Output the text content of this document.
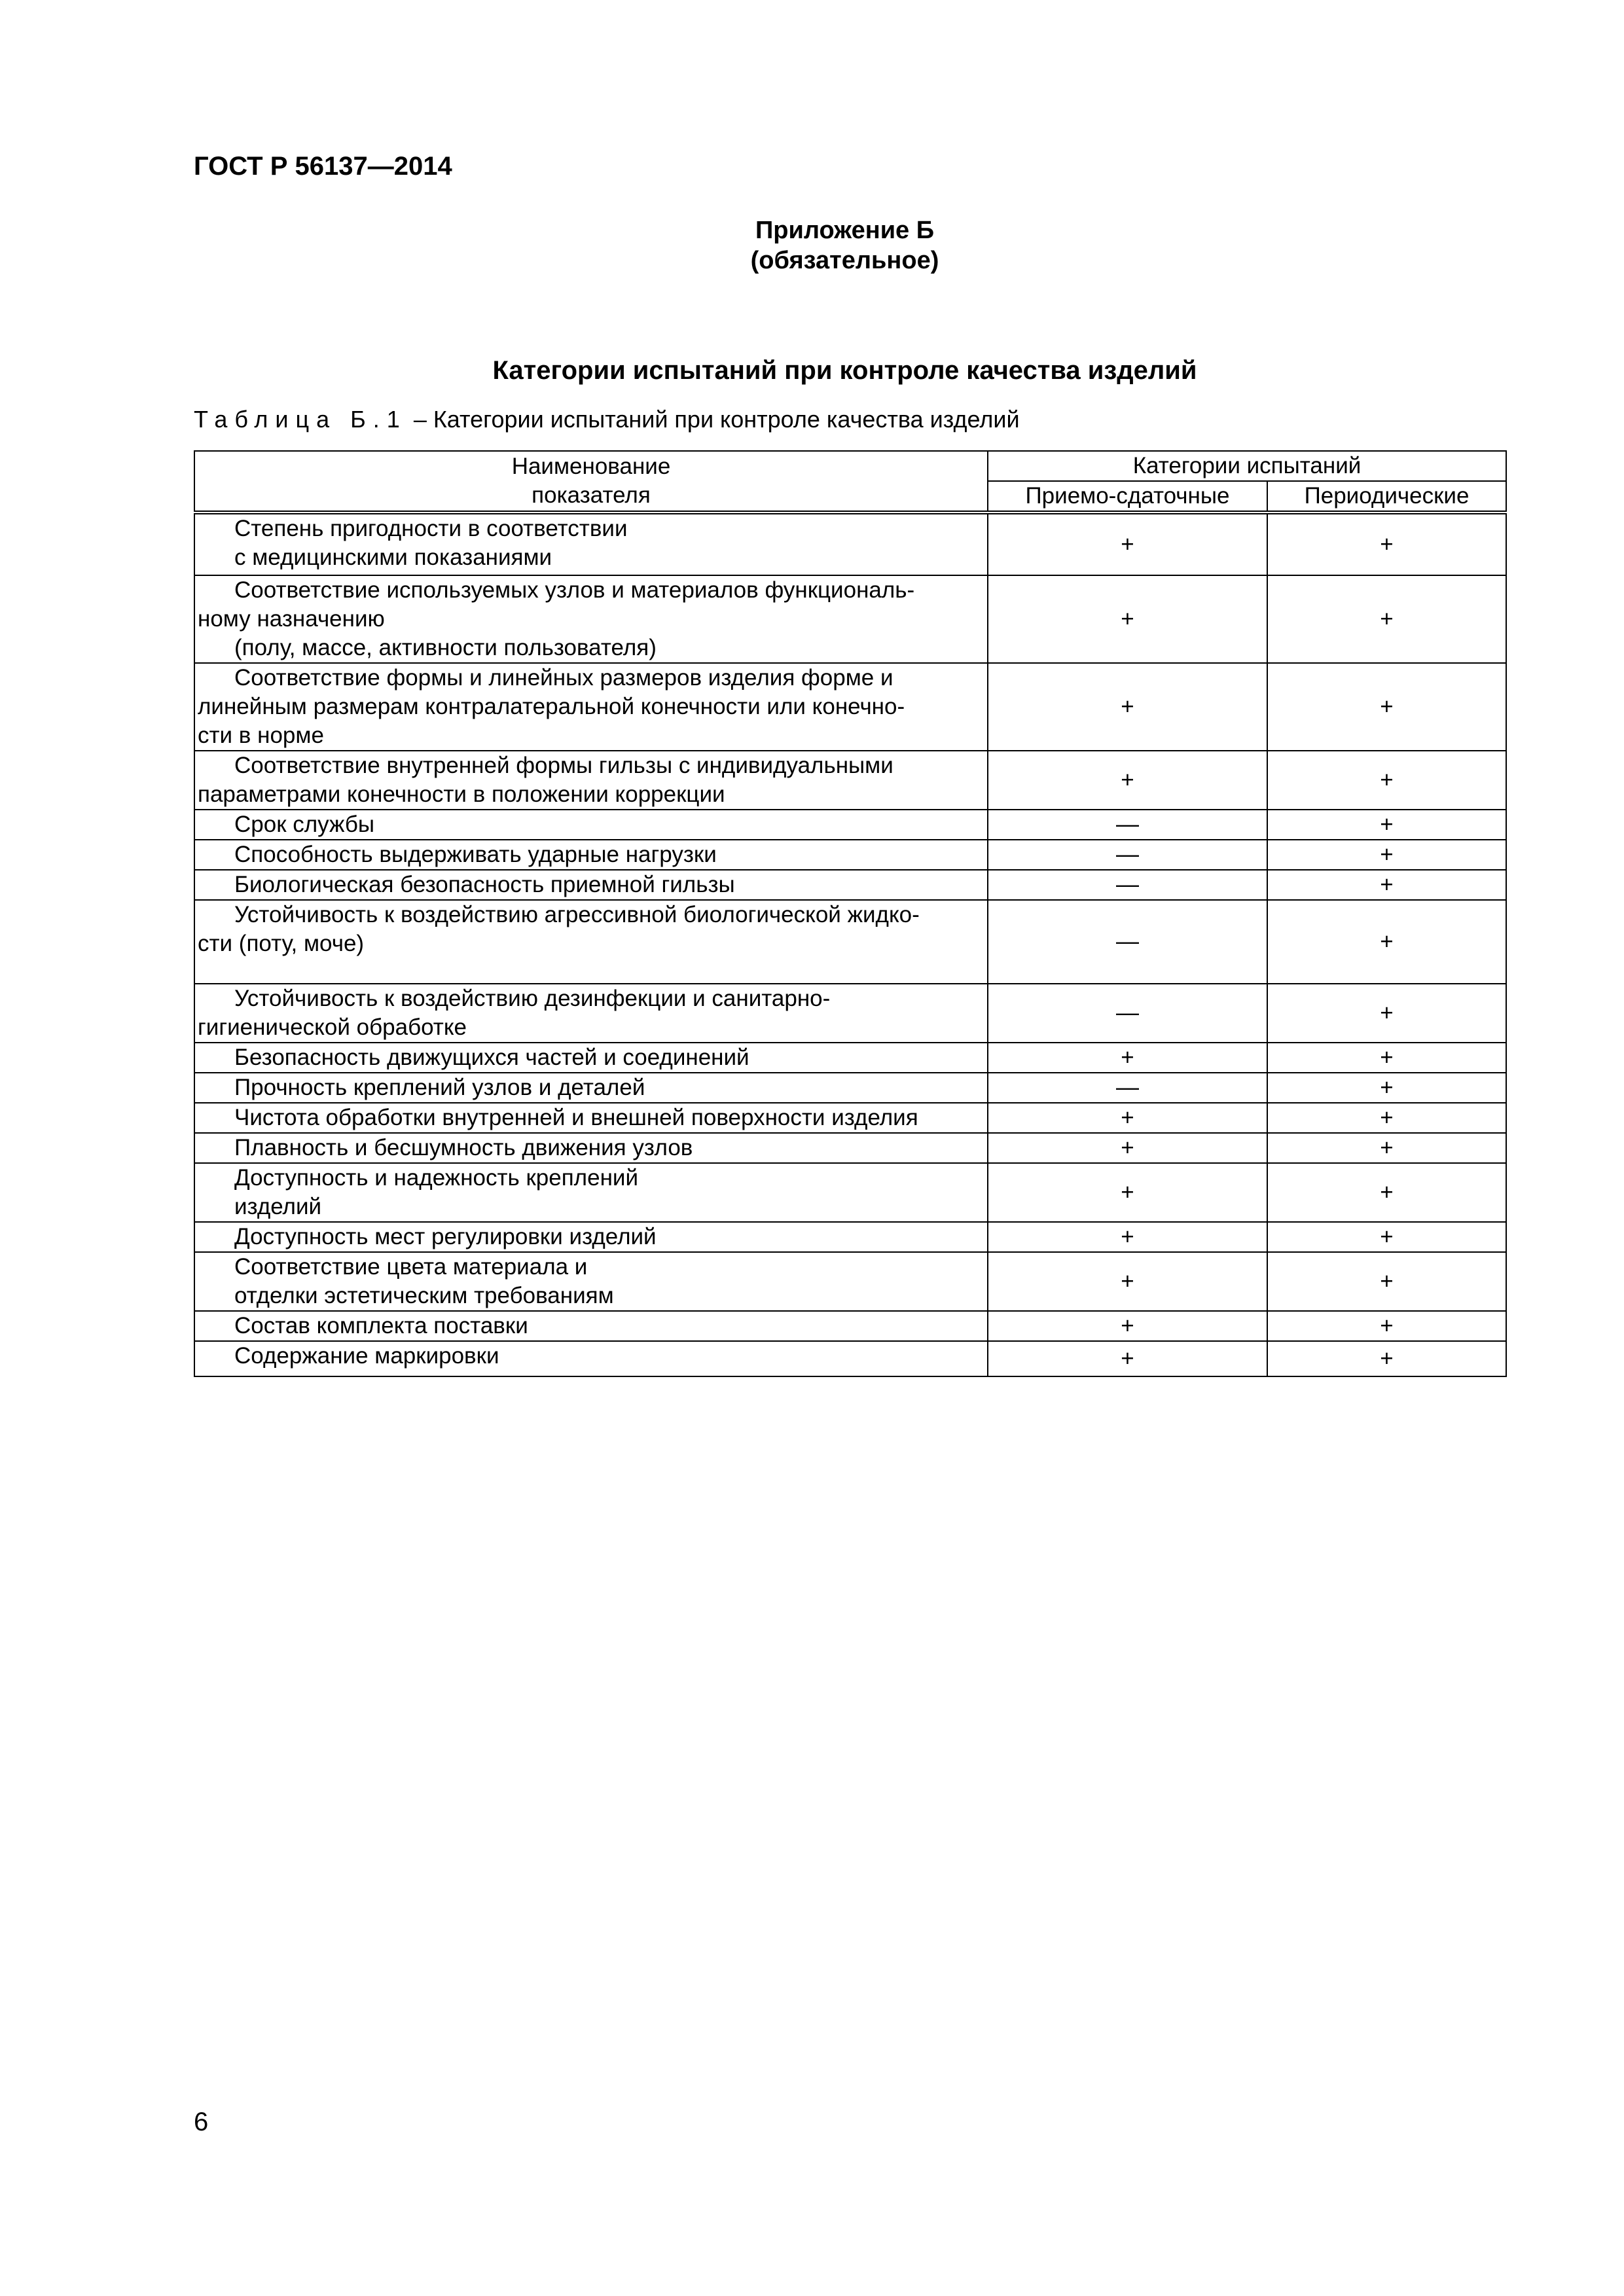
ГОСТ Р 56137—2014

Приложение Б

(обязательное)

Категории испытаний при контроле качества изделий

Таблица Б.1 – Категории испытаний при контроле качества изделий

Наименование
показателя	Категории испытаний	
	Приемо-сдаточные	Периодические

Степень пригодности в соответствии
с медицинскими показаниями	+	+

Соответствие используемых узлов и материалов функциональ-
ному назначению
(полу, массе, активности пользователя)	+	+

Соответствие формы и линейных размеров изделия форме и
линейным размерам контралатеральной конечности или конечно-
сти в норме	+	+

Соответствие внутренней формы гильзы с индивидуальными
параметрами конечности в положении коррекции	+	+

Срок службы	—	+

Способность выдерживать ударные нагрузки	—	+

Биологическая безопасность приемной гильзы	—	+

Устойчивость к воздействию агрессивной биологической жидко-
сти (поту, моче)	—	+

Устойчивость к воздействию дезинфекции и санитарно-
гигиенической обработке	—	+

Безопасность движущихся частей и соединений	+	+

Прочность креплений узлов и деталей	—	+

Чистота обработки внутренней и внешней поверхности изделия	+	+

Плавность и бесшумность движения узлов	+	+

Доступность и надежность креплений
изделий	+	+

Доступность мест регулировки изделий	+	+

Соответствие цвета материала и
отделки эстетическим требованиям	+	+

Состав комплекта поставки	+	+

Содержание маркировки	+	+

6
